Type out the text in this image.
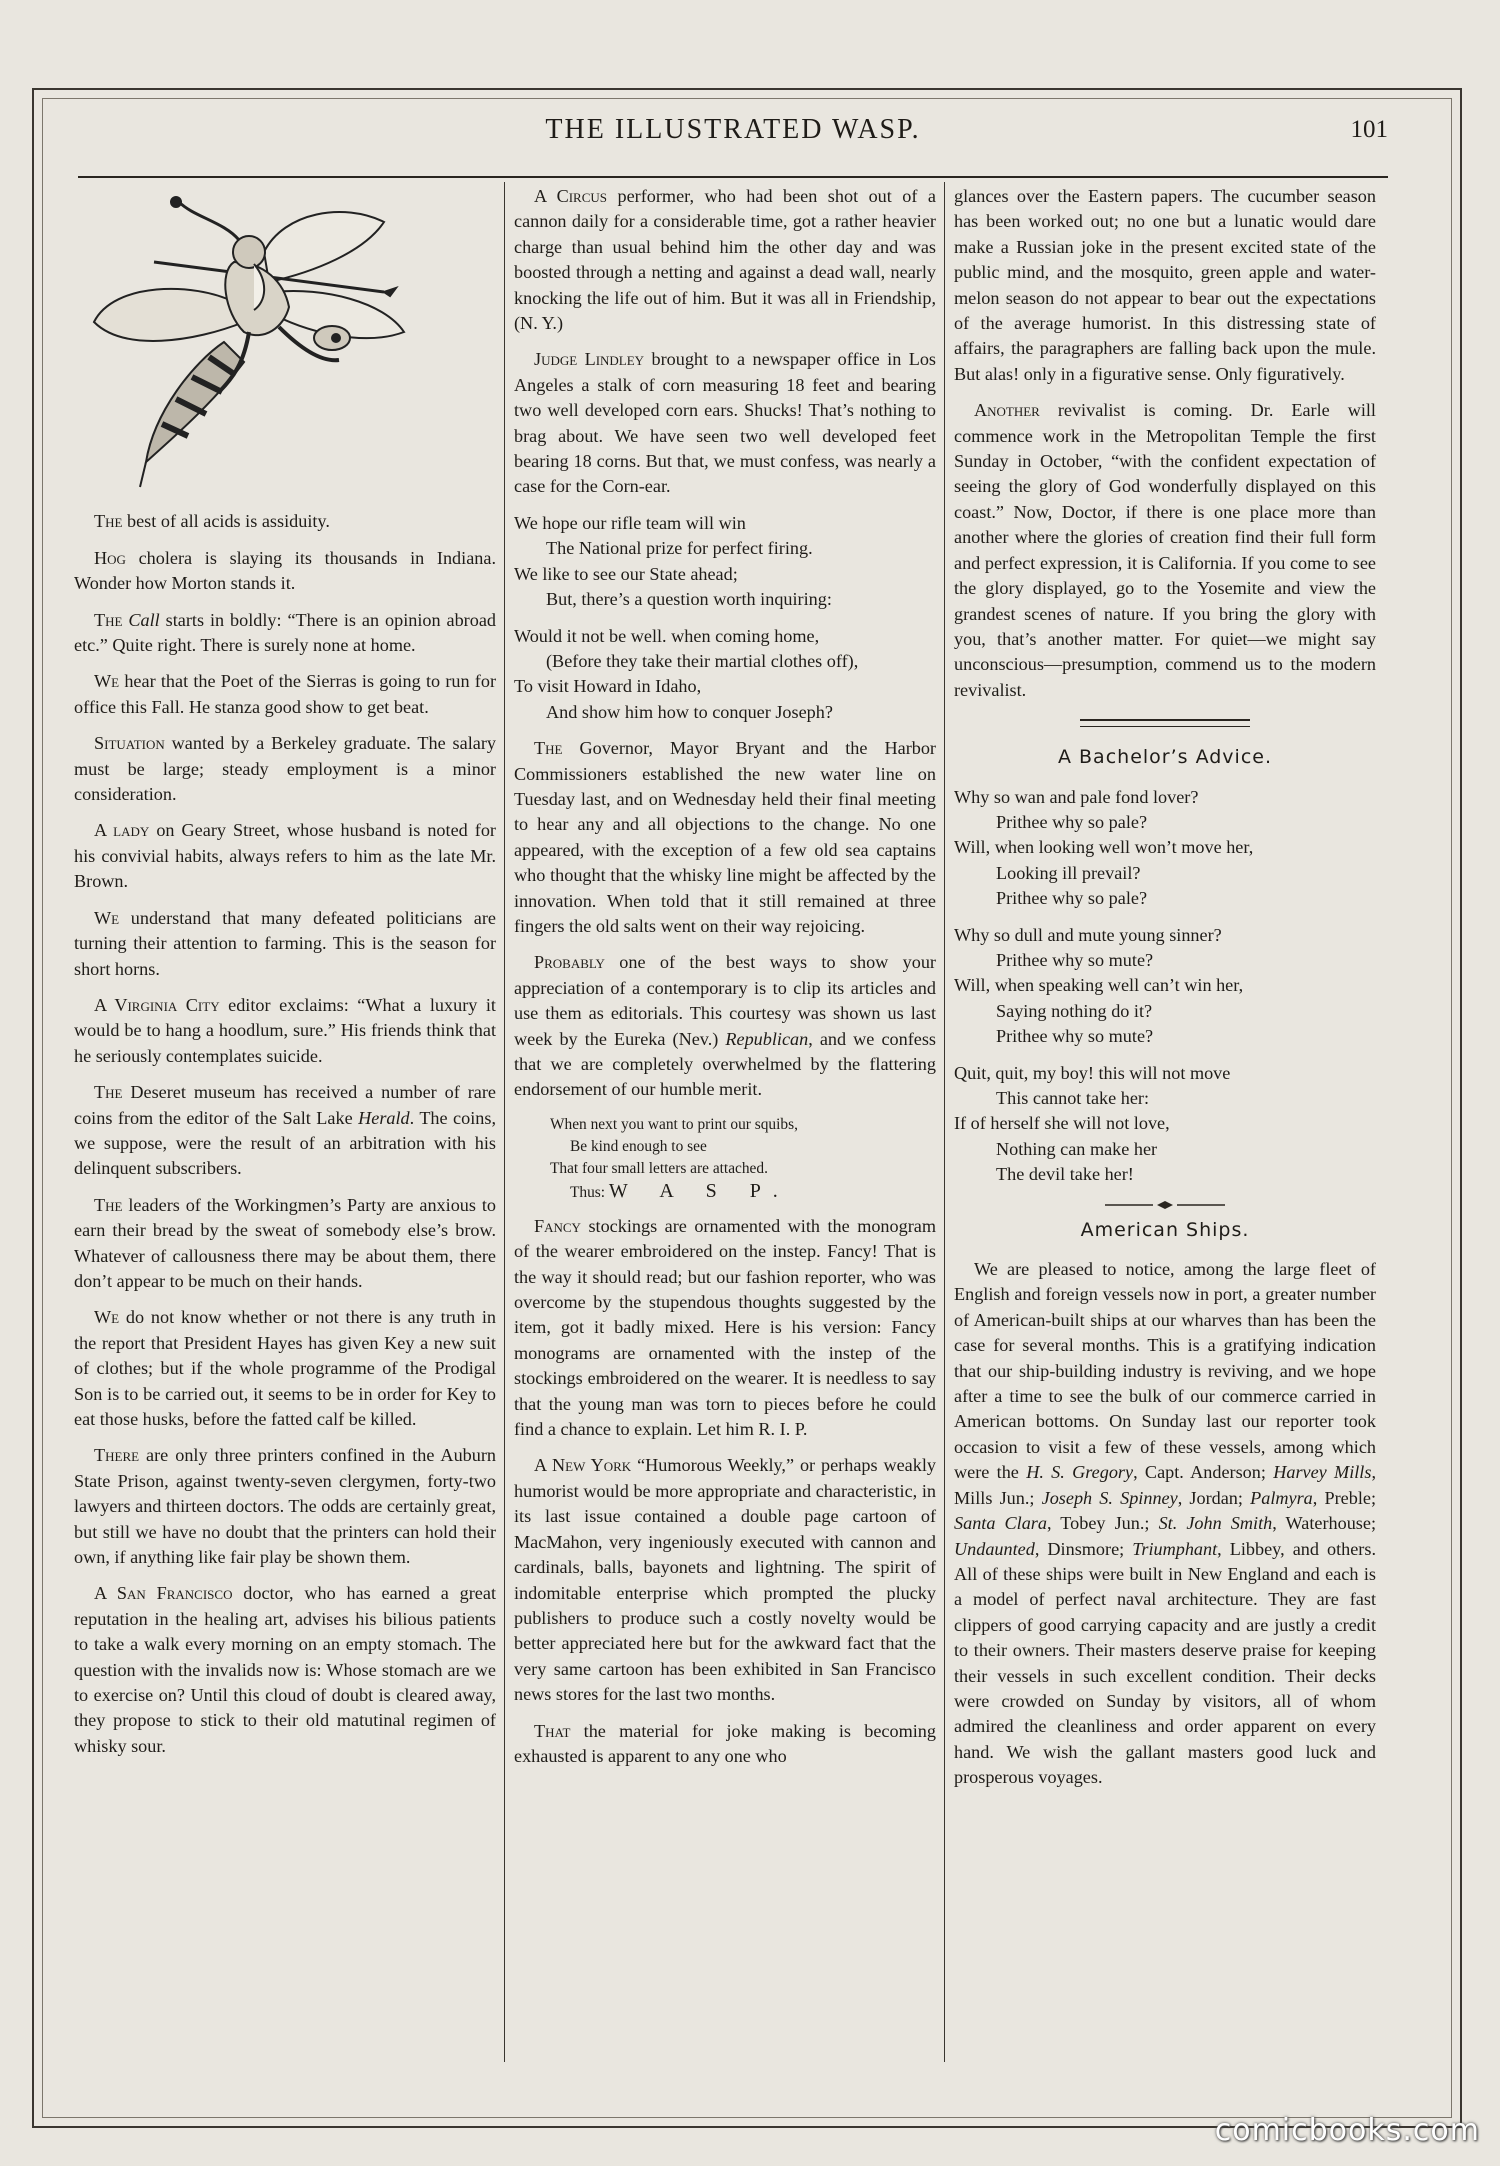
THE ILLUSTRATED WASP.	101

The best of all acids is assiduity.

Hog cholera is slaying its thousands in Indiana. Wonder how Morton stands it.

The Call starts in boldly: “There is an opinion abroad etc.” Quite right. There is surely none at home.

We hear that the Poet of the Sierras is going to run for office this Fall. He stanza good show to get beat.

Situation wanted by a Berkeley graduate. The salary must be large; steady employment is a minor consideration.

A lady on Geary Street, whose husband is noted for his convivial habits, always refers to him as the late Mr. Brown.

We understand that many defeated politicians are turning their attention to farming. This is the season for short horns.

A Virginia City editor exclaims: “What a luxury it would be to hang a hoodlum, sure.” His friends think that he seriously contemplates suicide.

The Deseret museum has received a number of rare coins from the editor of the Salt Lake Herald. The coins, we suppose, were the result of an arbitration with his delinquent subscribers.

The leaders of the Workingmen’s Party are anxious to earn their bread by the sweat of somebody else’s brow. Whatever of callousness there may be about them, there don’t appear to be much on their hands.

We do not know whether or not there is any truth in the report that President Hayes has given Key a new suit of clothes; but if the whole programme of the Prodigal Son is to be carried out, it seems to be in order for Key to eat those husks, before the fatted calf be killed.

There are only three printers confined in the Auburn State Prison, against twenty-seven clergymen, forty-two lawyers and thirteen doctors. The odds are certainly great, but still we have no doubt that the printers can hold their own, if anything like fair play be shown them.

A San Francisco doctor, who has earned a great reputation in the healing art, advises his bilious patients to take a walk every morning on an empty stomach. The question with the invalids now is: Whose stomach are we to exercise on? Until this cloud of doubt is cleared away, they propose to stick to their old matutinal regimen of whisky sour.

A Circus performer, who had been shot out of a cannon daily for a considerable time, got a rather heavier charge than usual behind him the other day and was boosted through a netting and against a dead wall, nearly knocking the life out of him. But it was all in Friendship, (N. Y.)

Judge Lindley brought to a newspaper office in Los Angeles a stalk of corn measuring 18 feet and bearing two well developed corn ears. Shucks! That’s nothing to brag about. We have seen two well developed feet bearing 18 corns. But that, we must confess, was nearly a case for the Corn-ear.

We hope our rifle team will win
The National prize for perfect firing.
We like to see our State ahead;
But, there’s a question worth inquiring:
Would it not be well. when coming home,
(Before they take their martial clothes off),
To visit Howard in Idaho,
And show him how to conquer Joseph?

The Governor, Mayor Bryant and the Harbor Commissioners established the new water line on Tuesday last, and on Wednesday held their final meeting to hear any and all objections to the change. No one appeared, with the exception of a few old sea captains who thought that the whisky line might be affected by the innovation. When told that it still remained at three fingers the old salts went on their way rejoicing.

Probably one of the best ways to show your appreciation of a contemporary is to clip its articles and use them as editorials. This courtesy was shown us last week by the Eureka (Nev.) Republican, and we confess that we are completely overwhelmed by the flattering endorsement of our humble merit.

When next you want to print our squibs,
Be kind enough to see
That four small letters are attached.
Thus: W A S P.

Fancy stockings are ornamented with the monogram of the wearer embroidered on the instep. Fancy! That is the way it should read; but our fashion reporter, who was overcome by the stupendous thoughts suggested by the item, got it badly mixed. Here is his version: Fancy monograms are ornamented with the instep of the stockings embroidered on the wearer. It is needless to say that the young man was torn to pieces before he could find a chance to explain. Let him R. I. P.

A New York “Humorous Weekly,” or perhaps weakly humorist would be more appropriate and characteristic, in its last issue contained a double page cartoon of MacMahon, very ingeniously executed with cannon and cardinals, balls, bayonets and lightning. The spirit of indomitable enterprise which prompted the plucky publishers to produce such a costly novelty would be better appreciated here but for the awkward fact that the very same cartoon has been exhibited in San Francisco news stores for the last two months.

That the material for joke making is becoming exhausted is apparent to any one who

glances over the Eastern papers. The cucumber season has been worked out; no one but a lunatic would dare make a Russian joke in the present excited state of the public mind, and the mosquito, green apple and water-melon season do not appear to bear out the expectations of the average humorist. In this distressing state of affairs, the paragraphers are falling back upon the mule. But alas! only in a figurative sense. Only figuratively.

Another revivalist is coming. Dr. Earle will commence work in the Metropolitan Temple the first Sunday in October, “with the confident expectation of seeing the glory of God wonderfully displayed on this coast.” Now, Doctor, if there is one place more than another where the glories of creation find their full form and perfect expression, it is California. If you come to see the glory displayed, go to the Yosemite and view the grandest scenes of nature. If you bring the glory with you, that’s another matter. For quiet—we might say unconscious—presumption, commend us to the modern revivalist.

A Bachelor’s Advice.
Why so wan and pale fond lover?
Prithee why so pale?
Will, when looking well won’t move her,
Looking ill prevail?
Prithee why so pale?
Why so dull and mute young sinner?
Prithee why so mute?
Will, when speaking well can’t win her,
Saying nothing do it?
Prithee why so mute?
Quit, quit, my boy! this will not move
This cannot take her:
If of herself she will not love,
Nothing can make her
The devil take her!
American Ships.

We are pleased to notice, among the large fleet of English and foreign vessels now in port, a greater number of American-built ships at our wharves than has been the case for several months. This is a gratifying indication that our ship-building industry is reviving, and we hope after a time to see the bulk of our commerce carried in American bottoms. On Sunday last our reporter took occasion to visit a few of these vessels, among which were the H. S. Gregory, Capt. Anderson; Harvey Mills, Mills Jun.; Joseph S. Spinney, Jordan; Palmyra, Preble; Santa Clara, Tobey Jun.; St. John Smith, Waterhouse; Undaunted, Dinsmore; Triumphant, Libbey, and others. All of these ships were built in New England and each is a model of perfect naval architecture. They are fast clippers of good carrying capacity and are justly a credit to their owners. Their masters deserve praise for keeping their vessels in such excellent condition. Their decks were crowded on Sunday by visitors, all of whom admired the cleanliness and order apparent on every hand. We wish the gallant masters good luck and prosperous voyages.

comicbooks.com
